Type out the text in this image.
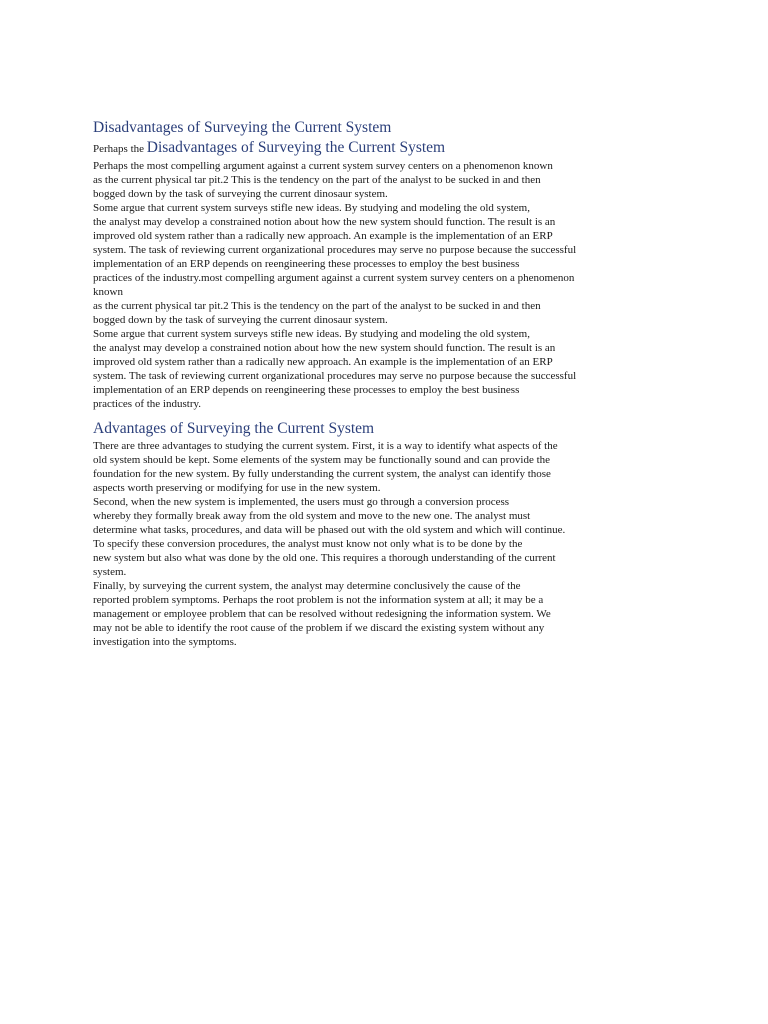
Disadvantages of Surveying the Current System

Perhaps the Disadvantages of Surveying the Current System

Perhaps the most compelling argument against a current system survey centers on a phenomenon known

as the current physical tar pit.2 This is the tendency on the part of the analyst to be sucked in and then

bogged down by the task of surveying the current dinosaur system.

Some argue that current system surveys stifle new ideas. By studying and modeling the old system,

the analyst may develop a constrained notion about how the new system should function. The result is an

improved old system rather than a radically new approach. An example is the implementation of an ERP

system. The task of reviewing current organizational procedures may serve no purpose because the successful

implementation of an ERP depends on reengineering these processes to employ the best business

practices of the industry.most compelling argument against a current system survey centers on a phenomenon

known

as the current physical tar pit.2 This is the tendency on the part of the analyst to be sucked in and then

bogged down by the task of surveying the current dinosaur system.

Some argue that current system surveys stifle new ideas. By studying and modeling the old system,

the analyst may develop a constrained notion about how the new system should function. The result is an

improved old system rather than a radically new approach. An example is the implementation of an ERP

system. The task of reviewing current organizational procedures may serve no purpose because the successful

implementation of an ERP depends on reengineering these processes to employ the best business

practices of the industry.

Advantages of Surveying the Current System

There are three advantages to studying the current system. First, it is a way to identify what aspects of the

old system should be kept. Some elements of the system may be functionally sound and can provide the

foundation for the new system. By fully understanding the current system, the analyst can identify those

aspects worth preserving or modifying for use in the new system.

Second, when the new system is implemented, the users must go through a conversion process

whereby they formally break away from the old system and move to the new one. The analyst must

determine what tasks, procedures, and data will be phased out with the old system and which will continue.

To specify these conversion procedures, the analyst must know not only what is to be done by the

new system but also what was done by the old one. This requires a thorough understanding of the current

system.

Finally, by surveying the current system, the analyst may determine conclusively the cause of the

reported problem symptoms. Perhaps the root problem is not the information system at all; it may be a

management or employee problem that can be resolved without redesigning the information system. We

may not be able to identify the root cause of the problem if we discard the existing system without any

investigation into the symptoms.
